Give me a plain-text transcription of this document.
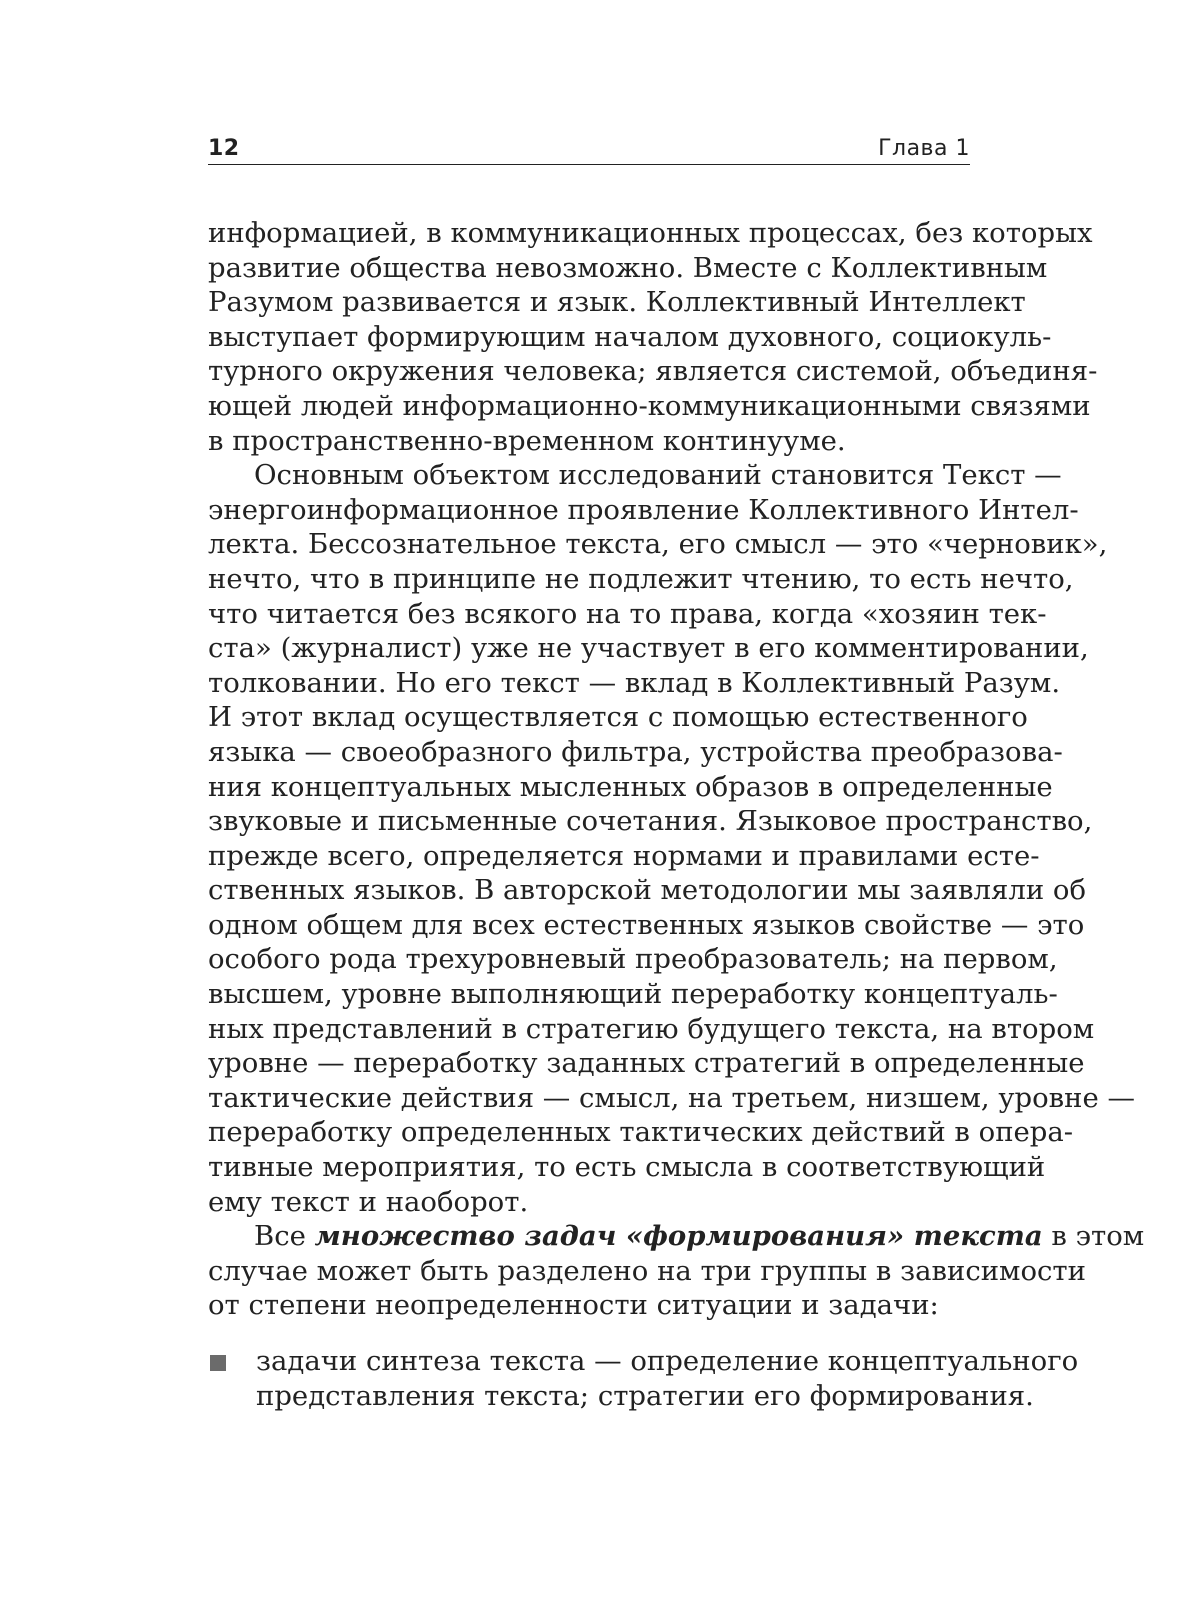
12	Глава 1
информацией, в коммуникационных процессах, без которых
развитие общества невозможно. Вместе с Коллективным
Разумом развивается и язык. Коллективный Интеллект
выступает формирующим началом духовного, социокуль-
турного окружения человека; является системой, объединя-
ющей людей информационно-коммуникационными связями
в пространственно-временном континууме.
Основным объектом исследований становится Текст —
энергоинформационное проявление Коллективного Интел-
лекта. Бессознательное текста, его смысл — это «черновик»,
нечто, что в принципе не подлежит чтению, то есть нечто,
что читается без всякого на то права, когда «хозяин тек-
ста» (журналист) уже не участвует в его комментировании,
толковании. Но его текст — вклад в Коллективный Разум.
И этот вклад осуществляется с помощью естественного
языка — своеобразного фильтра, устройства преобразова-
ния концептуальных мысленных образов в определенные
звуковые и письменные сочетания. Языковое пространство,
прежде всего, определяется нормами и правилами есте-
ственных языков. В авторской методологии мы заявляли об
одном общем для всех естественных языков свойстве — это
особого рода трехуровневый преобразователь; на первом,
высшем, уровне выполняющий переработку концептуаль-
ных представлений в стратегию будущего текста, на втором
уровне — переработку заданных стратегий в определенные
тактические действия — смысл, на третьем, низшем, уровне —
переработку определенных тактических действий в опера-
тивные мероприятия, то есть смысла в соответствующий
ему текст и наоборот.
Все множество задач «формирования» текста в этом
случае может быть разделено на три группы в зависимости
от степени неопределенности ситуации и задачи:
задачи синтеза текста — определение концептуального
представления текста; стратегии его формирования.
